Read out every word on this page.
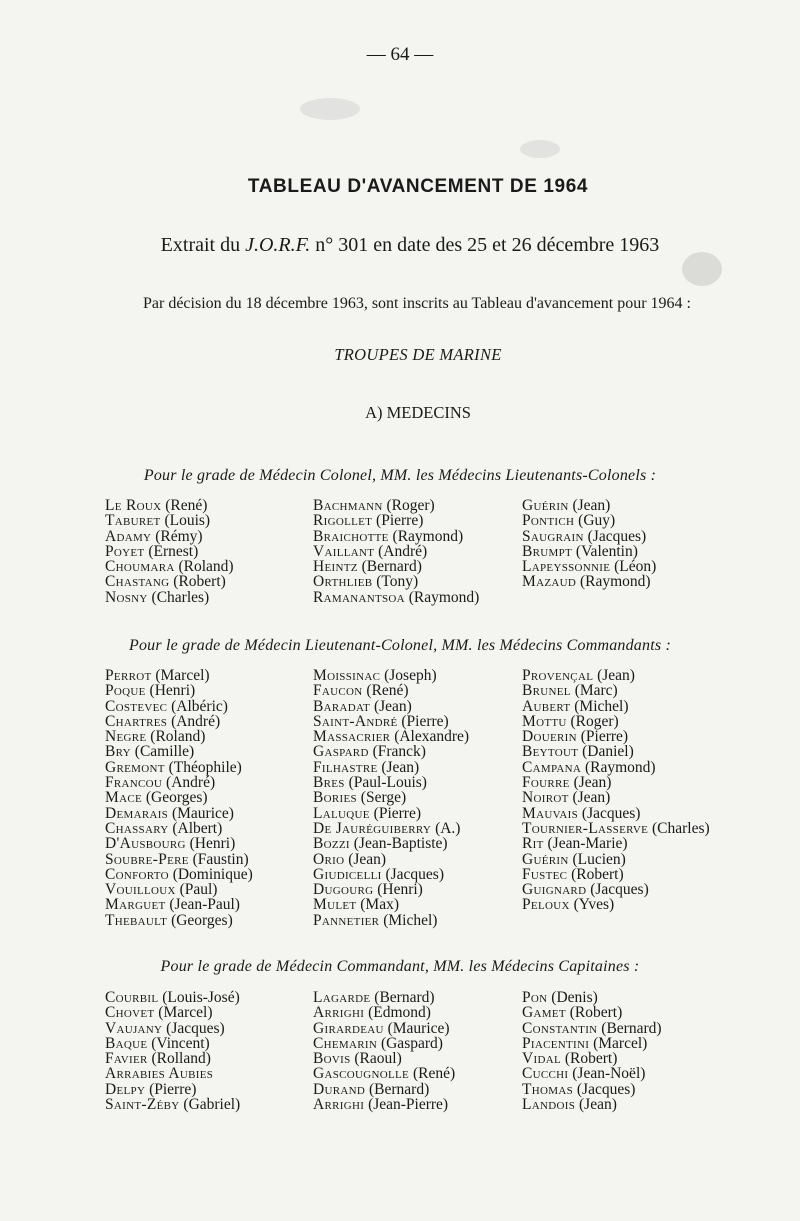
— 64 —
TABLEAU D'AVANCEMENT DE 1964
Extrait du J.O.R.F. n° 301 en date des 25 et 26 décembre 1963
Par décision du 18 décembre 1963, sont inscrits au Tableau d'avancement pour 1964 :
TROUPES DE MARINE
A) MEDECINS
Pour le grade de Médecin Colonel, MM. les Médecins Lieutenants-Colonels :
Le Roux (René)
Taburet (Louis)
Adamy (Rémy)
Poyet (Ernest)
Choumara (Roland)
Chastang (Robert)
Nosny (Charles)
Bachmann (Roger)
Rigollet (Pierre)
Braichotte (Raymond)
Vaillant (André)
Heintz (Bernard)
Orthlieb (Tony)
Ramanantsoa (Raymond)
Guérin (Jean)
Pontich (Guy)
Saugrain (Jacques)
Brumpt (Valentin)
Lapeyssonnie (Léon)
Mazaud (Raymond)
Pour le grade de Médecin Lieutenant-Colonel, MM. les Médecins Commandants :
Perrot (Marcel)
Poque (Henri)
Costevec (Albéric)
Chartres (André)
Negre (Roland)
Bry (Camille)
Gremont (Théophile)
Francou (André)
Mace (Georges)
Demarais (Maurice)
Chassary (Albert)
D'Ausbourg (Henri)
Soubre-Pere (Faustin)
Conforto (Dominique)
Vouilloux (Paul)
Marguet (Jean-Paul)
Thebault (Georges)
Moissinac (Joseph)
Faucon (René)
Baradat (Jean)
Saint-André (Pierre)
Massacrier (Alexandre)
Gaspard (Franck)
Filhastre (Jean)
Bres (Paul-Louis)
Bories (Serge)
Laluque (Pierre)
De Jauréguiberry (A.)
Bozzi (Jean-Baptiste)
Orio (Jean)
Giudicelli (Jacques)
Dugourg (Henri)
Mulet (Max)
Pannetier (Michel)
Provençal (Jean)
Brunel (Marc)
Aubert (Michel)
Mottu (Roger)
Douerin (Pierre)
Beytout (Daniel)
Campana (Raymond)
Fourre (Jean)
Noirot (Jean)
Mauvais (Jacques)
Tournier-Lasserve (Charles)
Rit (Jean-Marie)
Guérin (Lucien)
Fustec (Robert)
Guignard (Jacques)
Peloux (Yves)
Pour le grade de Médecin Commandant, MM. les Médecins Capitaines :
Courbil (Louis-José)
Chovet (Marcel)
Vaujany (Jacques)
Baque (Vincent)
Favier (Rolland)
Arrabies Aubies
Delpy (Pierre)
Saint-Zéby (Gabriel)
Lagarde (Bernard)
Arrighi (Edmond)
Girardeau (Maurice)
Chemarin (Gaspard)
Bovis (Raoul)
Gascougnolle (René)
Durand (Bernard)
Arrighi (Jean-Pierre)
Pon (Denis)
Gamet (Robert)
Constantin (Bernard)
Piacentini (Marcel)
Vidal (Robert)
Cucchi (Jean-Noël)
Thomas (Jacques)
Landois (Jean)
